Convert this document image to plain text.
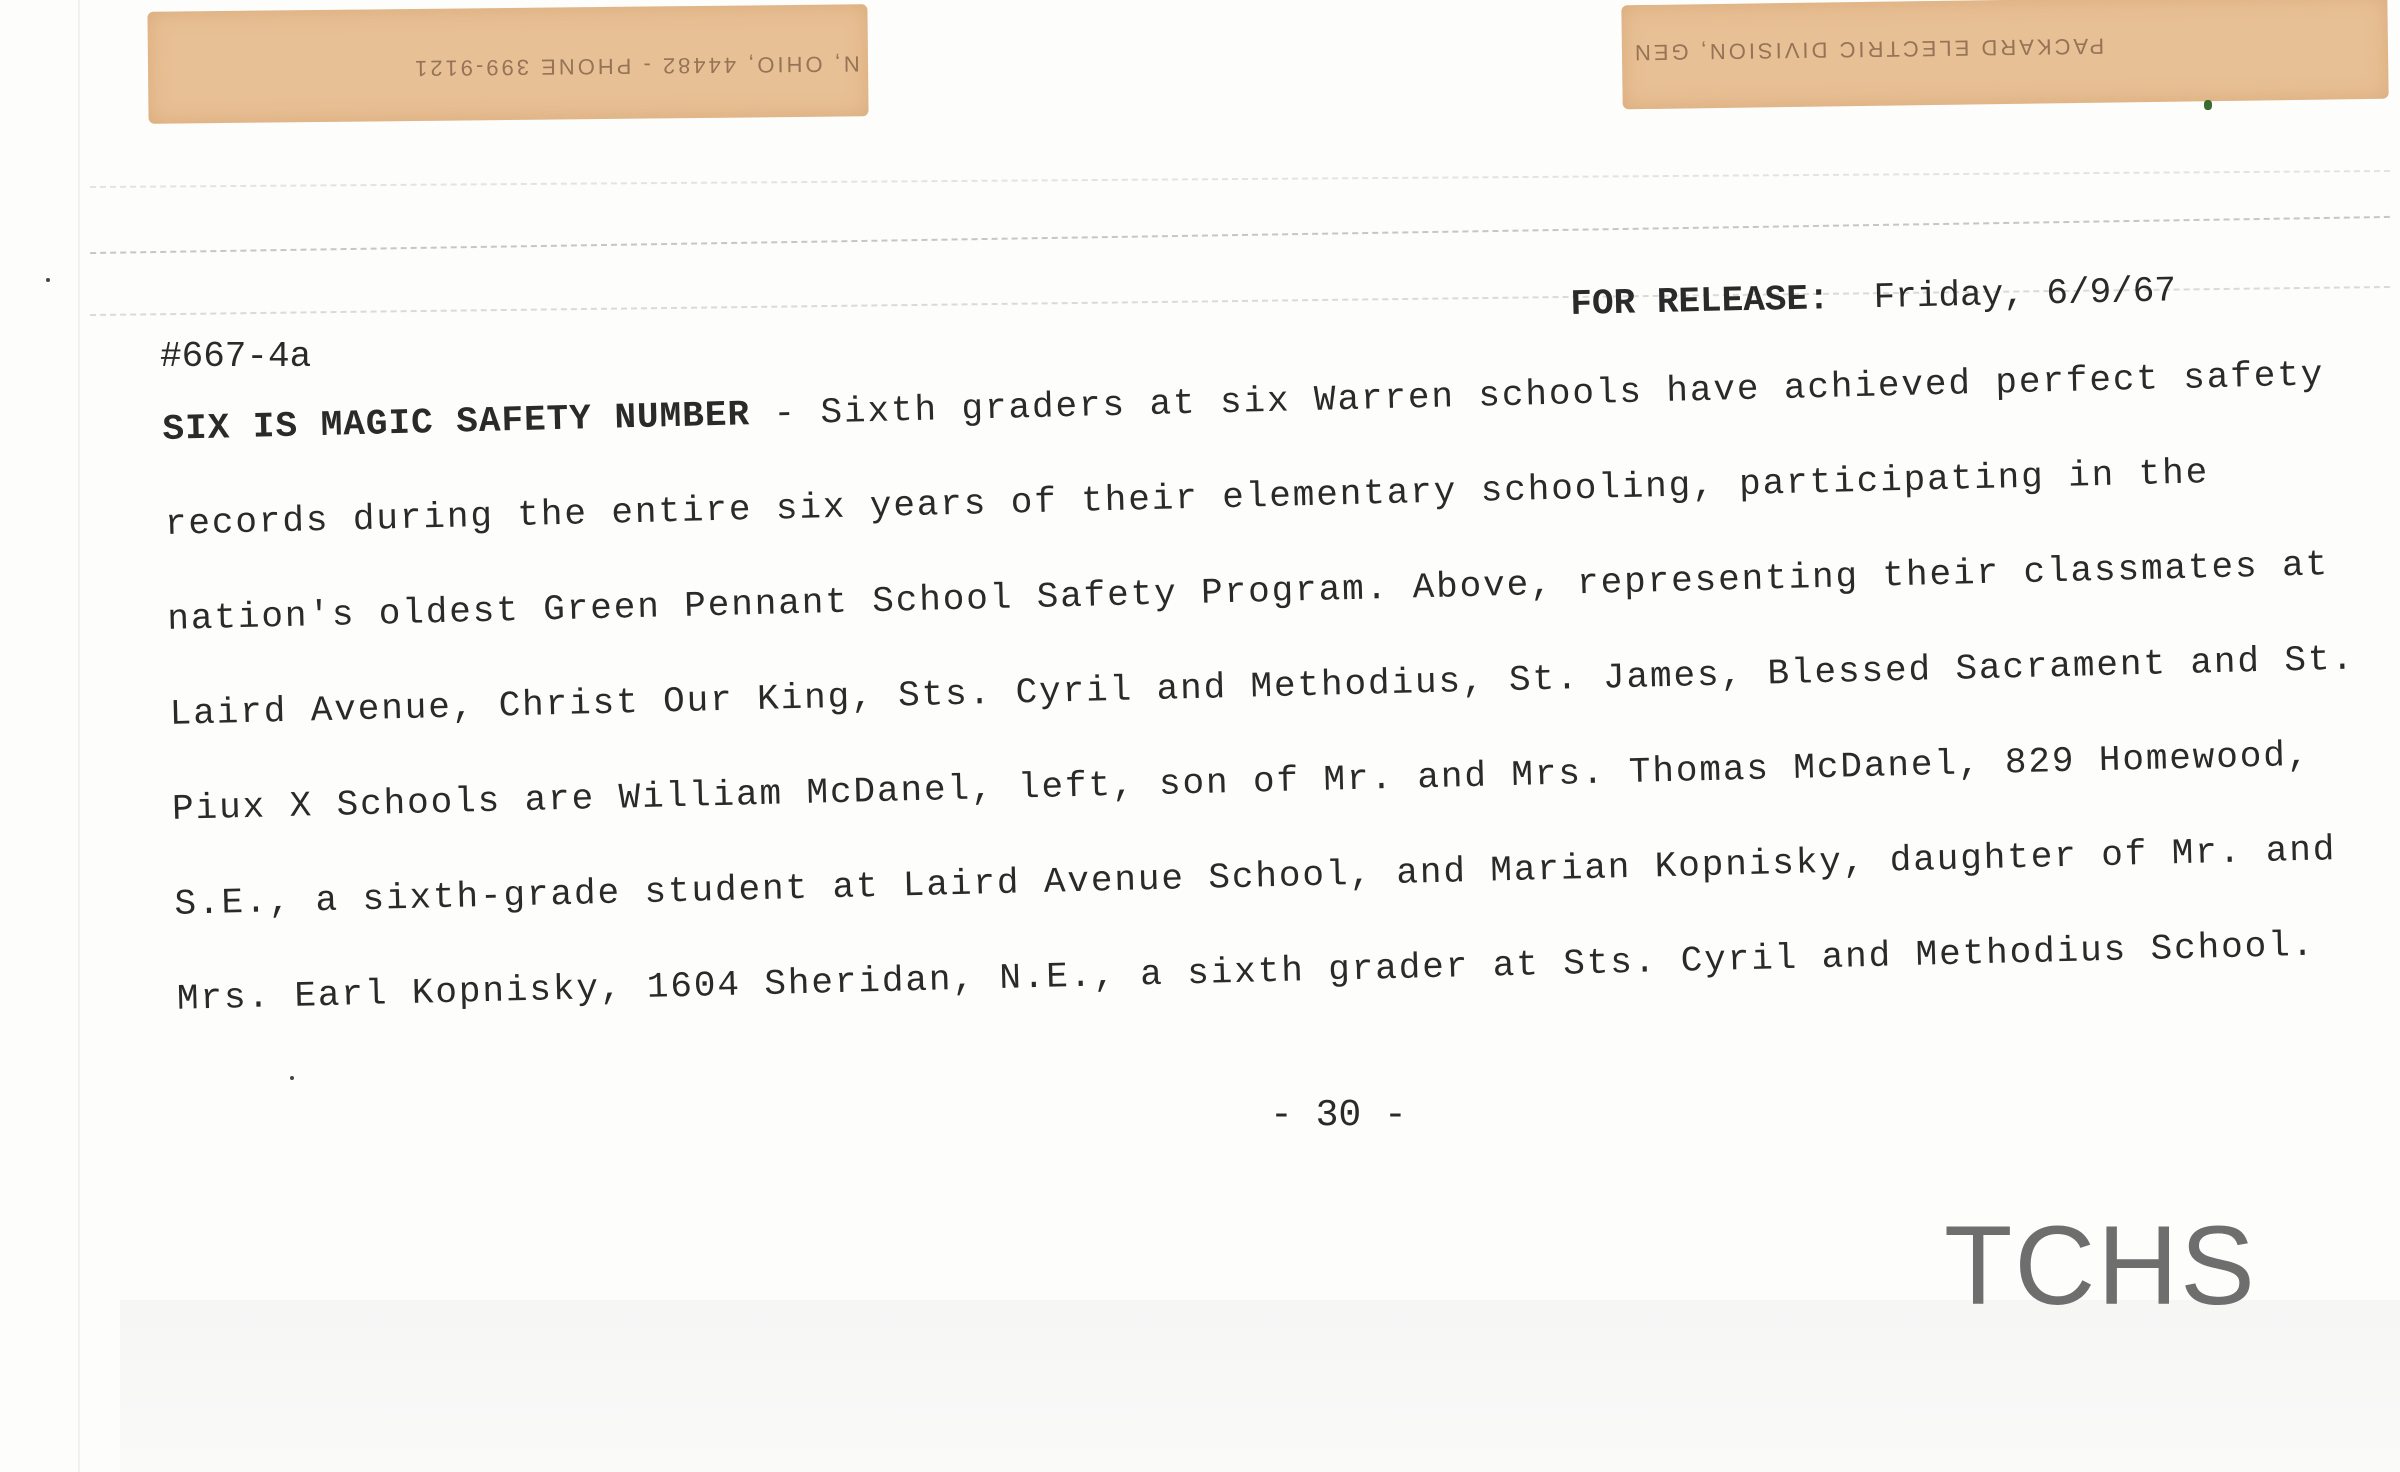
N, OHIO, 44482 - PHONE 399-9121
PACKARD ELECTRIC DIVISION, GEN
FOR RELEASE: Friday, 6/9/67
#667-4a
SIX IS MAGIC SAFETY NUMBER - Sixth graders at six Warren schools have achieved perfect safety
records during the entire six years of their elementary schooling, participating in the
nation's oldest Green Pennant School Safety Program. Above, representing their classmates at
Laird Avenue, Christ Our King, Sts. Cyril and Methodius, St. James, Blessed Sacrament and St.
Piux X Schools are William McDanel, left, son of Mr. and Mrs. Thomas McDanel, 829 Homewood,
S.E., a sixth-grade student at Laird Avenue School, and Marian Kopnisky, daughter of Mr. and
Mrs. Earl Kopnisky, 1604 Sheridan, N.E., a sixth grader at Sts. Cyril and Methodius School.
- 30 -
TCHS
